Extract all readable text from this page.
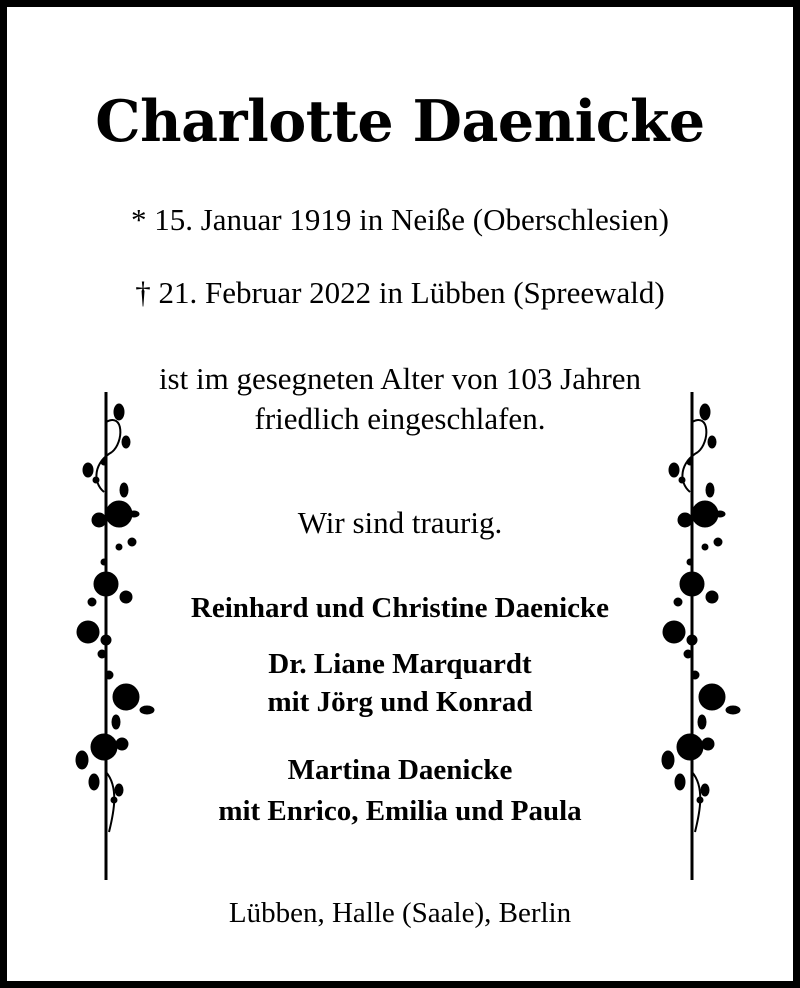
Charlotte Daenicke
* 15. Januar 1919 in Neiße (Oberschlesien)
† 21. Februar 2022 in Lübben (Spreewald)
ist im gesegneten Alter von 103 Jahren
friedlich eingeschlafen.
Wir sind traurig.
Reinhard und Christine Daenicke
Dr. Liane Marquardt
mit Jörg und Konrad
Martina Daenicke
mit Enrico, Emilia und Paula
Lübben, Halle (Saale), Berlin
